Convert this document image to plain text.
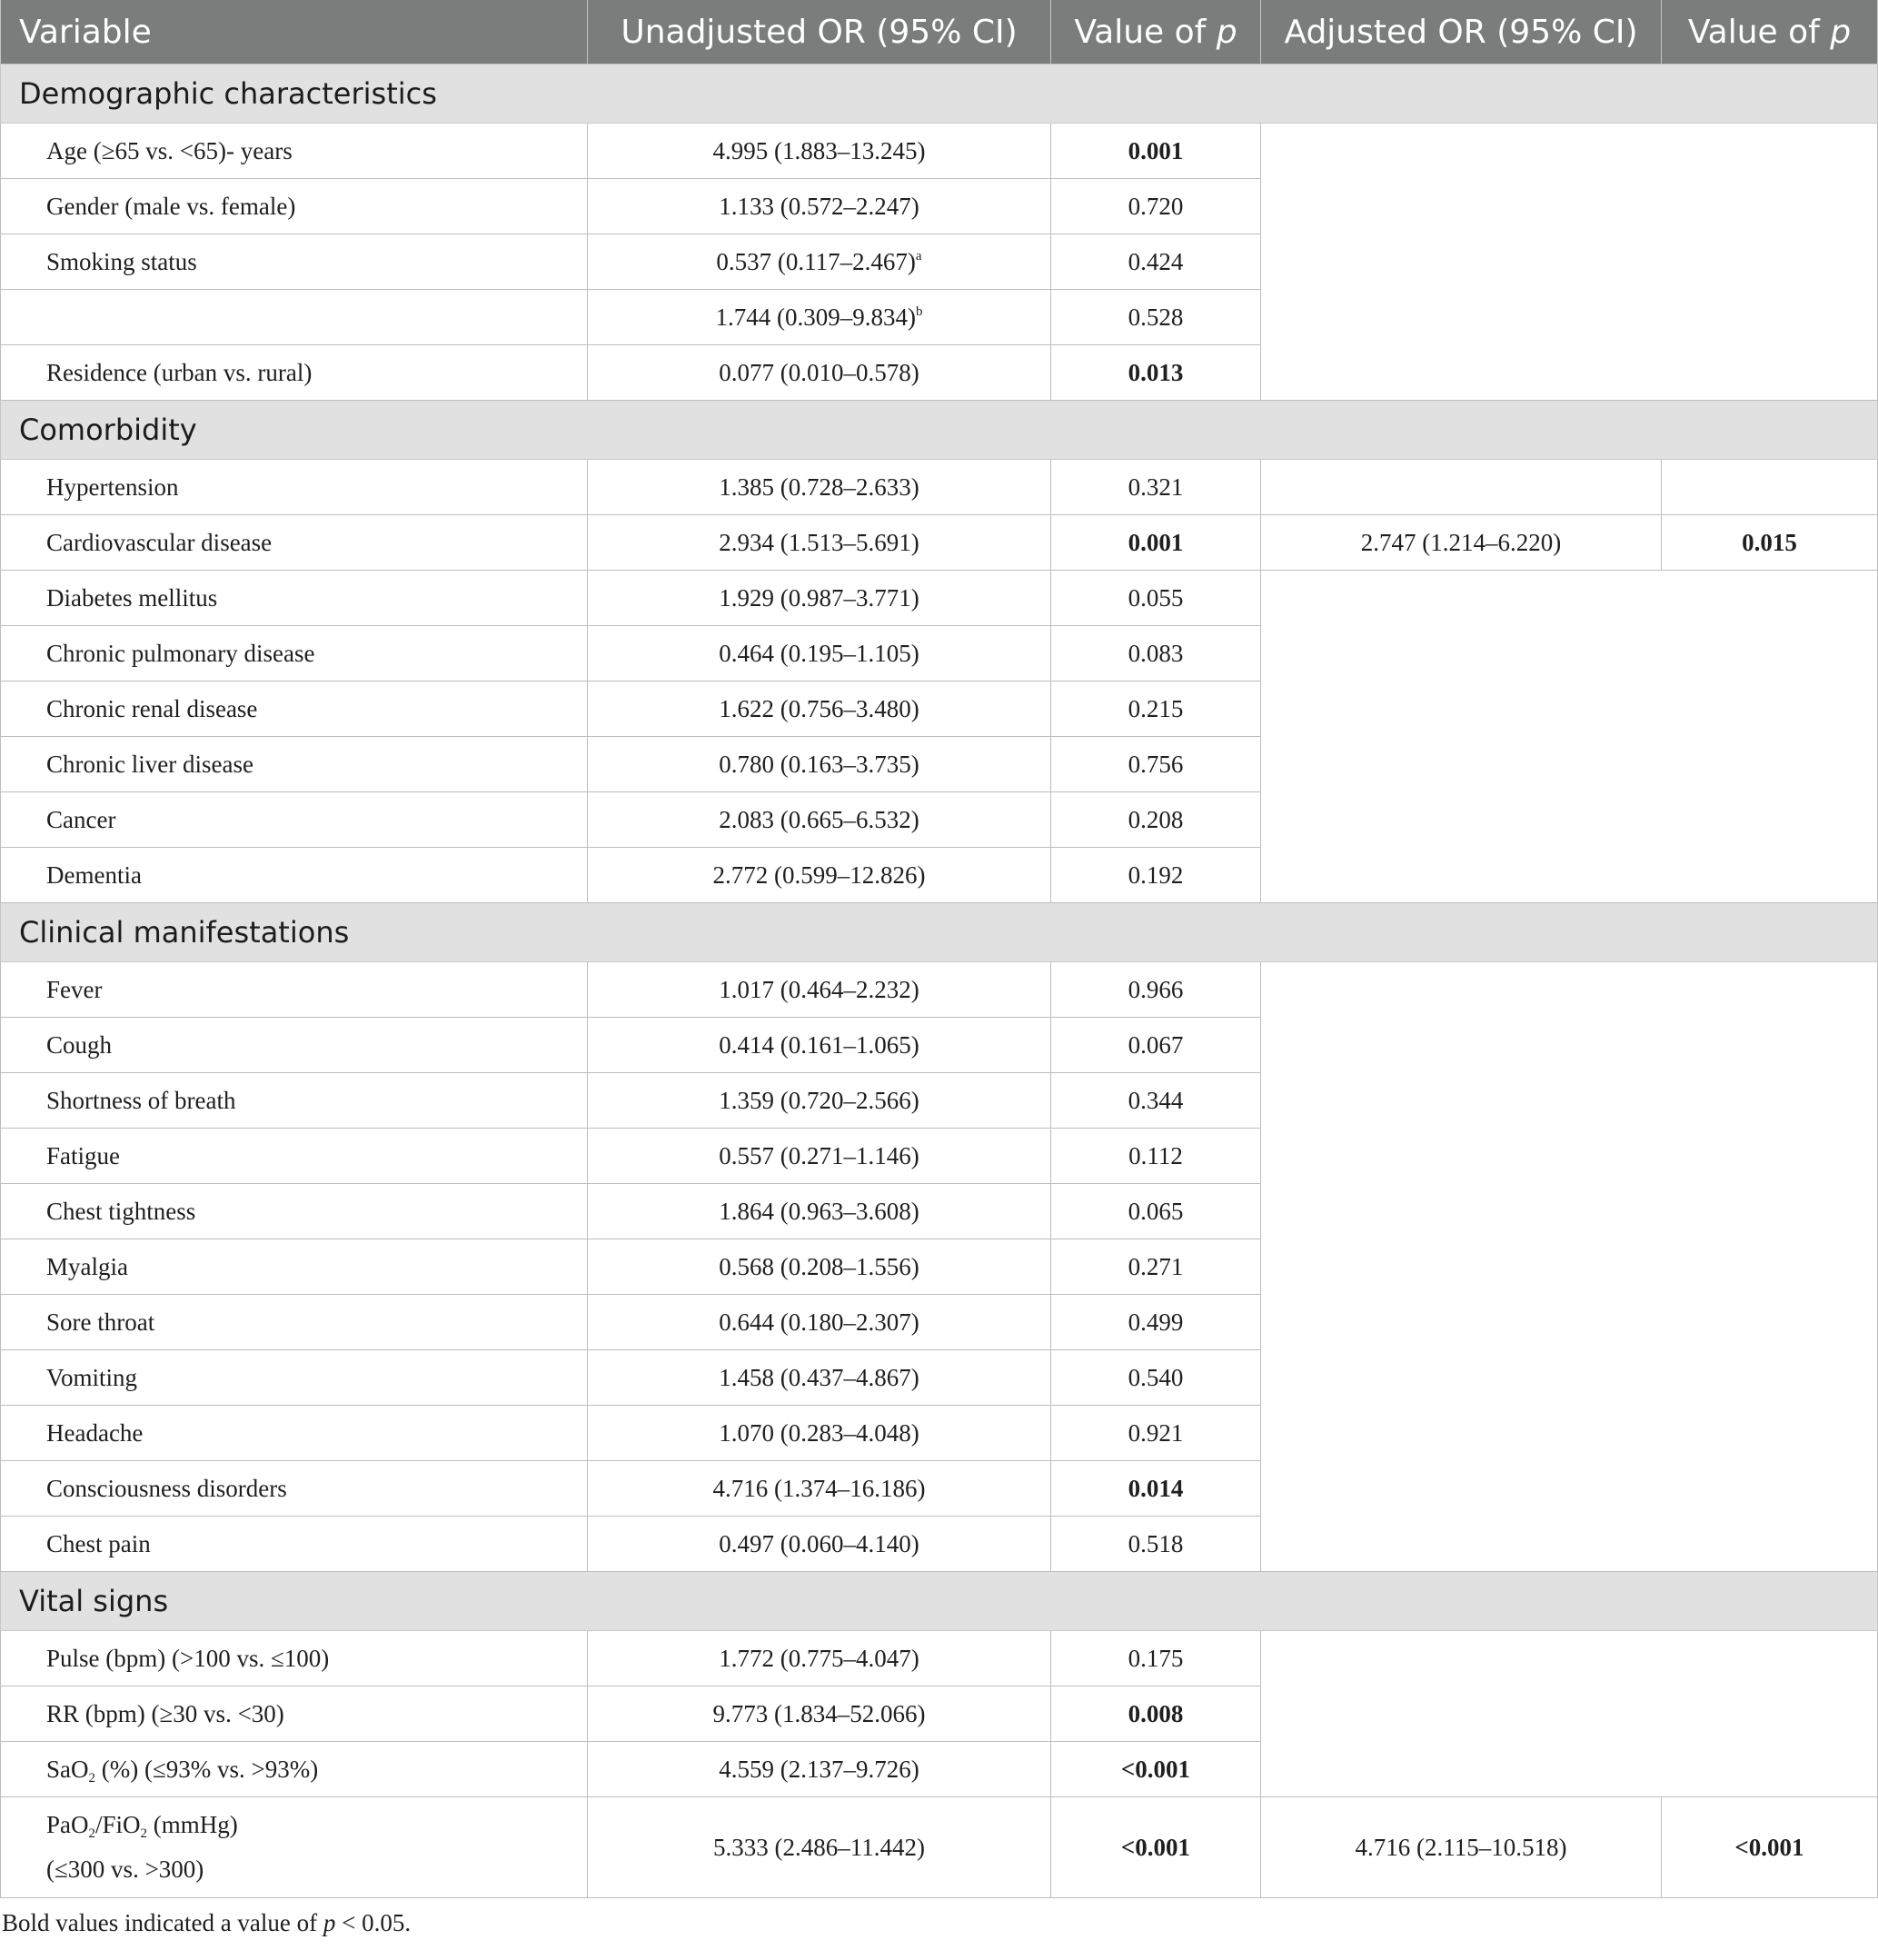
Variable	Unadjusted OR (95% CI)	Value of p	Adjusted OR (95% CI)	Value of p
Demographic characteristics				
Age (≥65 vs. <65)- years	4.995 (1.883–13.245)	0.001		
Gender (male vs. female)	1.133 (0.572–2.247)	0.720		
Smoking status	0.537 $(0.117-2.467)^a$	0.424		
	1.744 $(0.309-9.834)^b$	0.528		
Residence (urban vs. rural)	0.077 (0.010–0.578)	0.013		
Comorbidity				
Hypertension	1.385 (0.728–2.633)	0.321		
Cardiovascular disease	2.934 (1.513–5.691)	0.001	2.747 (1.214–6.220)	0.015
Diabetes mellitus	1.929 (0.987–3.771)	0.055		
Chronic pulmonary disease	0.464 (0.195–1.105)	0.083		
Chronic renal disease	1.622 (0.756–3.480)	0.215		
Chronic liver disease	0.780 (0.163–3.735)	0.756		
Cancer	2.083 (0.665–6.532)	0.208		
Dementia	2.772 (0.599–12.826)	0.192		
Clinical manifestations				
Fever	1.017 (0.464–2.232)	0.966		
Cough	0.414 (0.161–1.065)	0.067		
Shortness of breath	1.359 (0.720–2.566)	0.344		
Fatigue	0.557 (0.271–1.146)	0.112		
Chest tightness	1.864 (0.963–3.608)	0.065		
Myalgia	0.568 (0.208–1.556)	0.271		
Sore throat	0.644 (0.180–2.307)	0.499		
Vomiting	1.458 (0.437–4.867)	0.540		
Headache	1.070 (0.283–4.048)	0.921		
Consciousness disorders	4.716 (1.374–16.186)	0.014		
Chest pain	0.497 (0.060–4.140)	0.518		
Vital signs				
Pulse (bpm) (>100 vs. ≤100)	1.772 (0.775–4.047)	0.175		
RR (bpm) (≥30 vs. <30)	9.773 (1.834–52.066)	0.008		
SaO$_2$ (%) (≤93% vs. >93%)	4.559 (2.137–9.726)	<0.001		
PaO$_2$/FiO$_2$ (mmHg)
(≤300 vs. >300)	5.333 (2.486–11.442)	<0.001	4.716 (2.115–10.518)	<0.001
Bold values indicated a value of p < 0.05.
